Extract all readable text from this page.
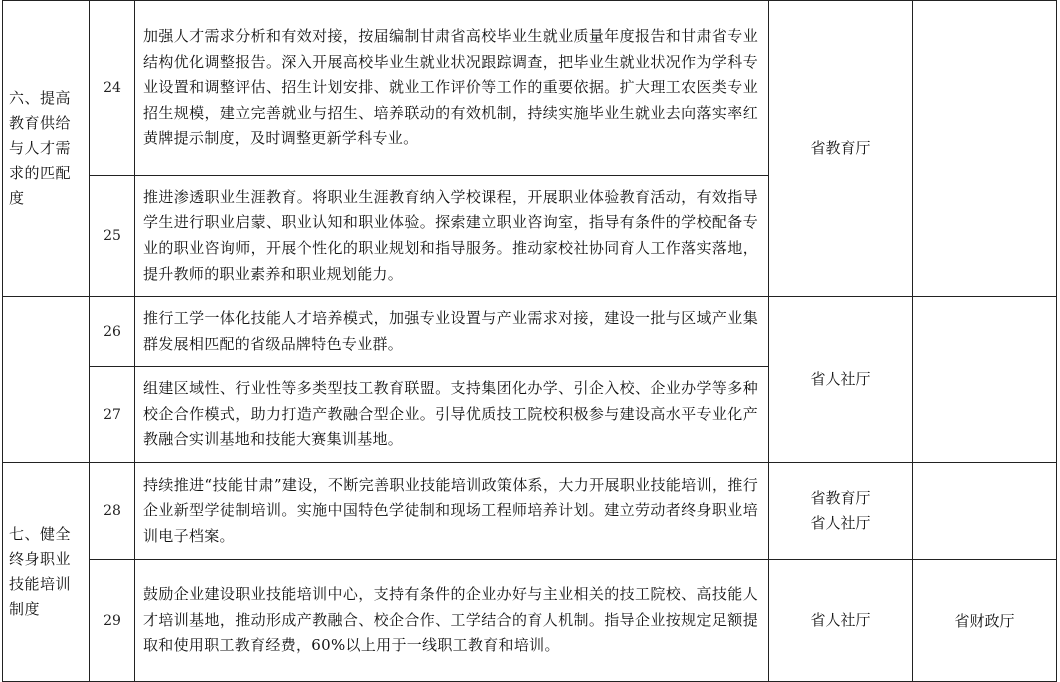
六、提高教育供给与人才需求的匹配度	24	加强人才需求分析和有效对接，按届编制甘肃省高校毕业生就业质量年度报告和甘肃省专业结构优化调整报告。深入开展高校毕业生就业状况跟踪调查，把毕业生就业状况作为学科专业设置和调整评估、招生计划安排、就业工作评价等工作的重要依据。扩大理工农医类专业招生规模，建立完善就业与招生、培养联动的有效机制，持续实施毕业生就业去向落实率红黄牌提示制度，及时调整更新学科专业。	省教育厅	

	25	推进渗透职业生涯教育。将职业生涯教育纳入学校课程，开展职业体验教育活动，有效指导学生进行职业启蒙、职业认知和职业体验。探索建立职业咨询室，指导有条件的学校配备专业的职业咨询师，开展个性化的职业规划和指导服务。推动家校社协同育人工作落实落地，提升教师的职业素养和职业规划能力。		
	26	推行工学一体化技能人才培养模式，加强专业设置与产业需求对接，建设一批与区域产业集群发展相匹配的省级品牌特色专业群。	省人社厅	

	27	组建区域性、行业性等多类型技工教育联盟。支持集团化办学、引企入校、企业办学等多种校企合作模式，助力打造产教融合型企业。引导优质技工院校积极参与建设高水平专业化产教融合实训基地和技能大赛集训基地。		
七、健全终身职业技能培训制度	28	持续推进“技能甘肃”建设，不断完善职业技能培训政策体系，大力开展职业技能培训，推行企业新型学徒制培训。实施中国特色学徒制和现场工程师培养计划。建立劳动者终身职业培训电子档案。	省教育厅
省人社厅	

	29	鼓励企业建设职业技能培训中心，支持有条件的企业办好与主业相关的技工院校、高技能人才培训基地，推动形成产教融合、校企合作、工学结合的育人机制。指导企业按规定足额提取和使用职工教育经费，60%以上用于一线职工教育和培训。	省人社厅	省财政厅
